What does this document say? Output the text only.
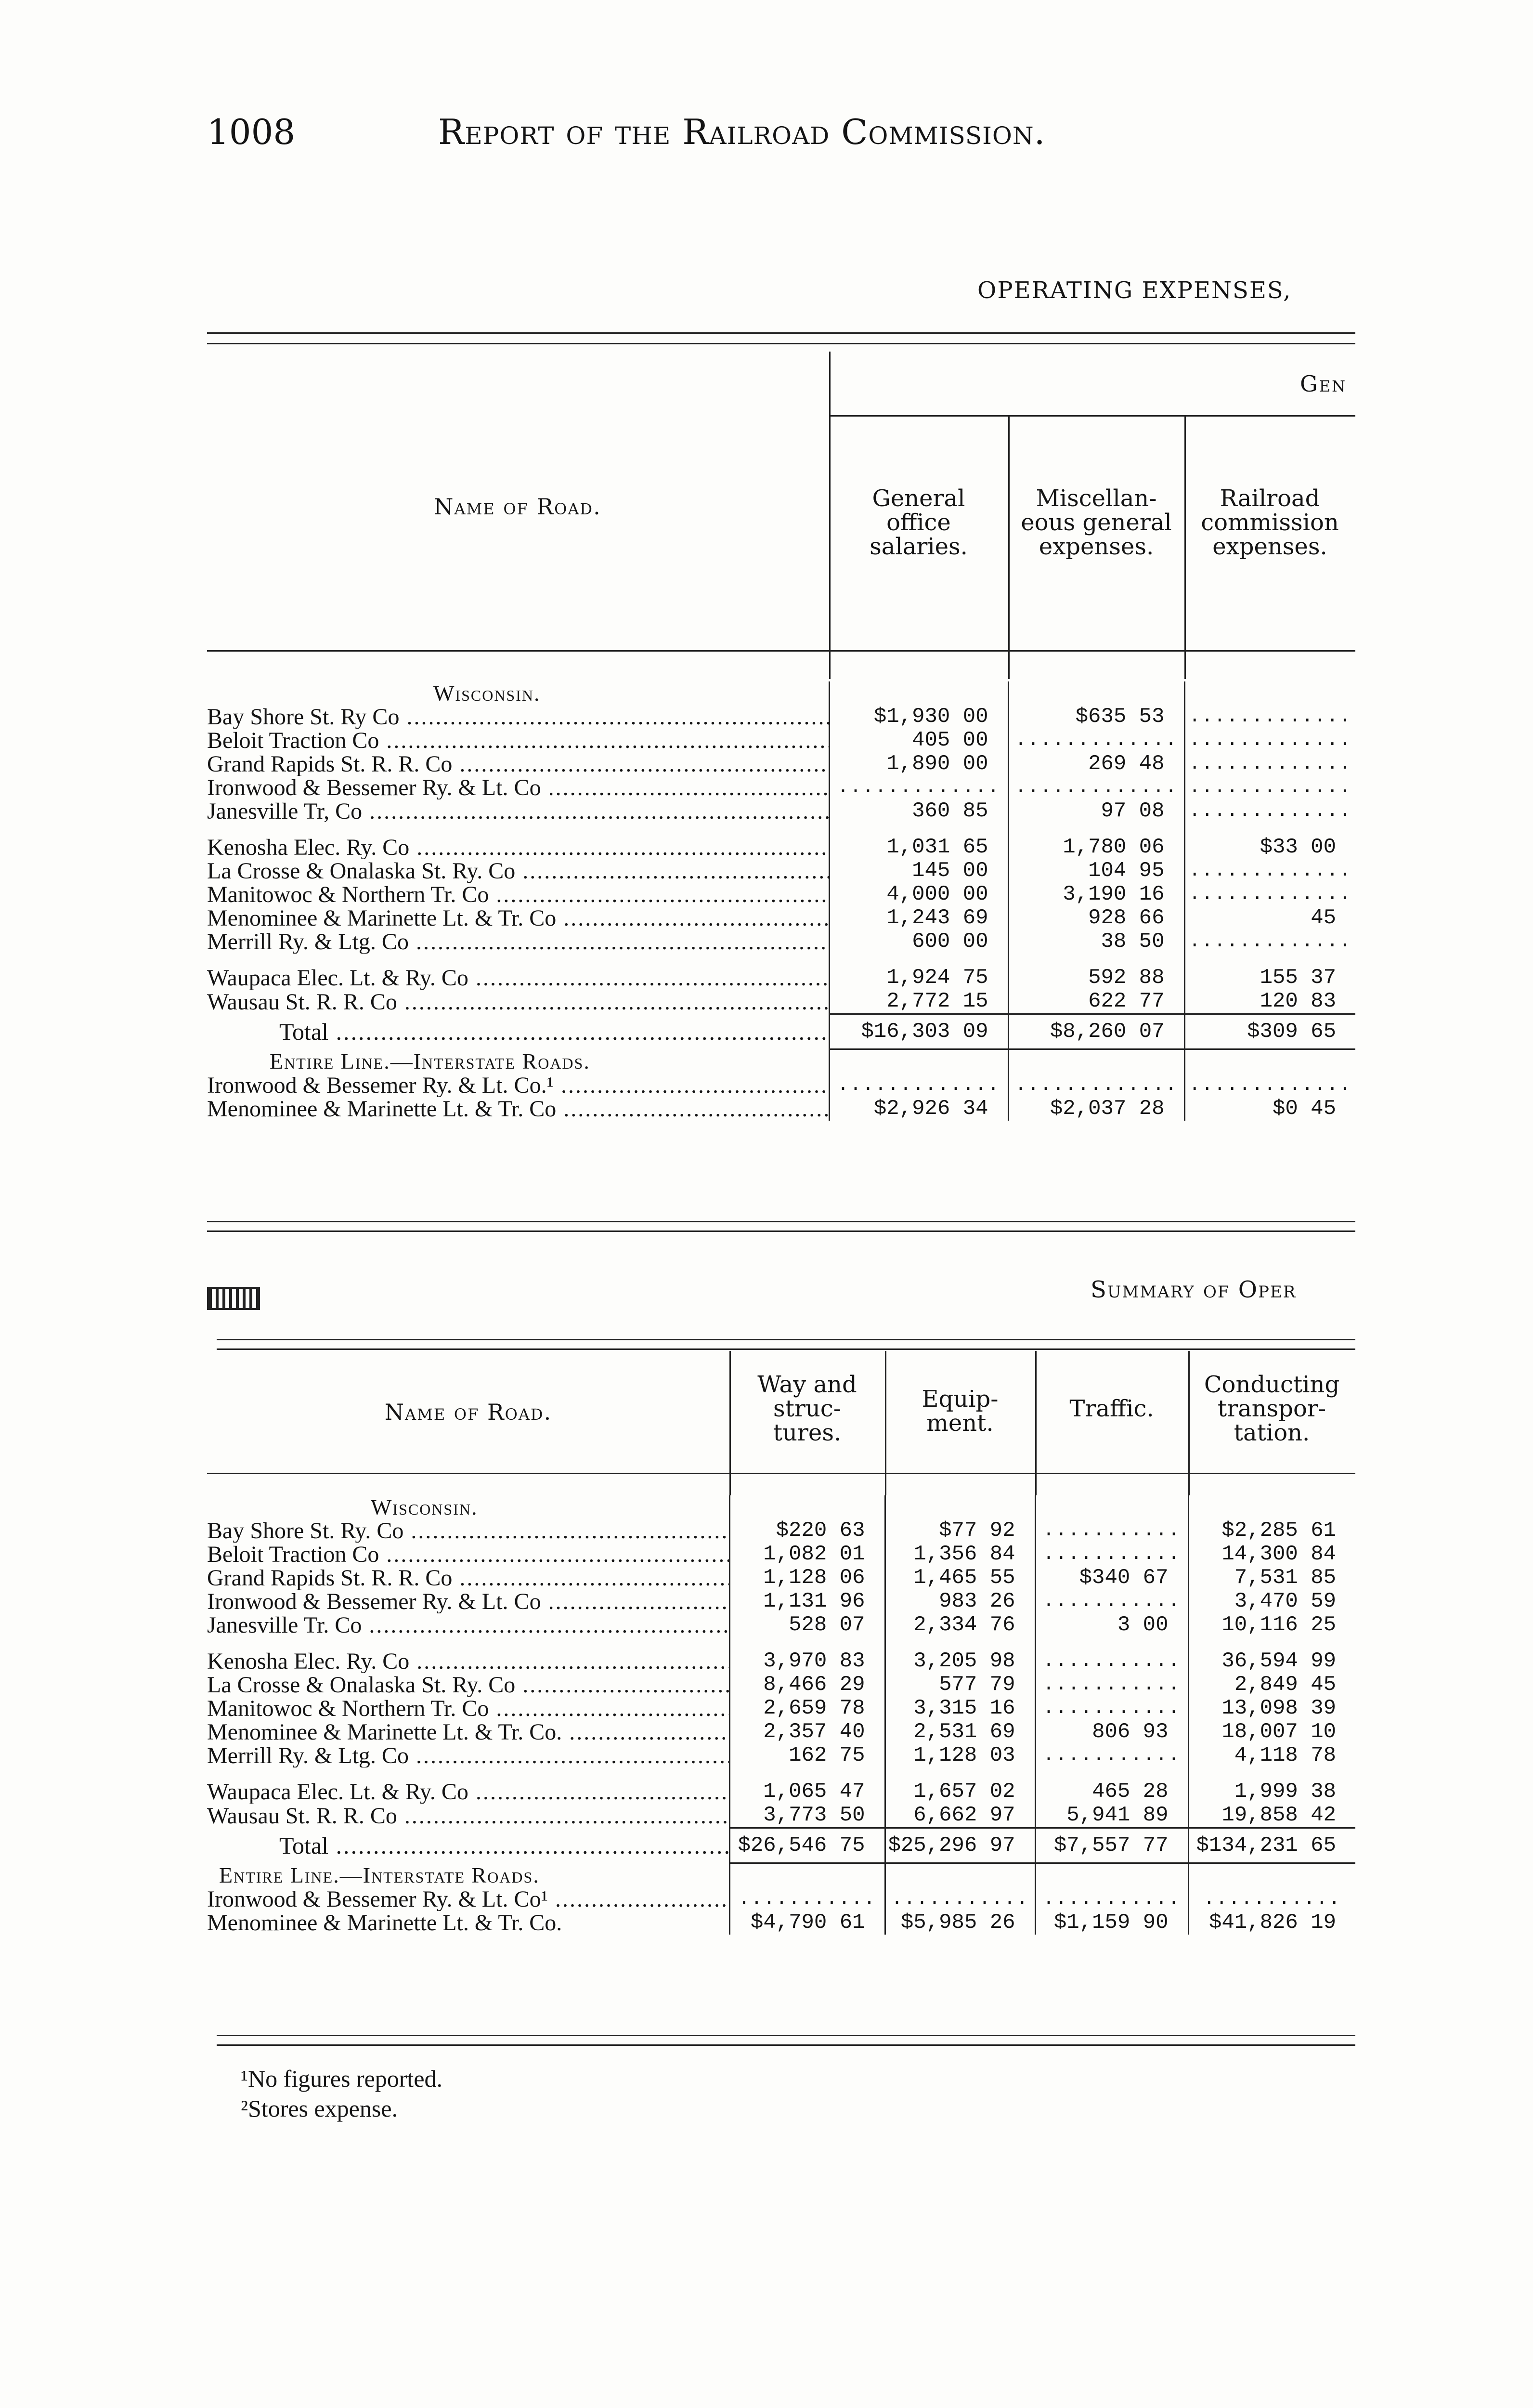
1008	Report of the Railroad Commission.
OPERATING EXPENSES,
Gen
Name of Road.	General
office
salaries.
Miscellan-
eous general
expenses.
Railroad
commission
expenses.
Wisconsin.			
Bay Shore St. Ry Co .....	$1,930 00	$635 53	.............
Beloit Traction Co .....	405 00	.............	.............
Grand Rapids St. R. R. Co .....	1,890 00	269 48	.............
Ironwood & Bessemer Ry. & Lt. Co .....	.............	.............	.............
Janesville Tr, Co .....	360 85	97 08	.............

Kenosha Elec. Ry. Co .....	1,031 65	1,780 06	$33 00
La Crosse & Onalaska St. Ry. Co .....	145 00	104 95	.............
Manitowoc & Northern Tr. Co .....	4,000 00	3,190 16	.............
Menominee & Marinette Lt. & Tr. Co .....	1,243 69	928 66	45
Merrill Ry. & Ltg. Co .....	600 00	38 50	.............

Waupaca Elec. Lt. & Ry. Co .....	1,924 75	592 88	155 37
Wausau St. R. R. Co .....	2,772 15	622 77	120 83
Total .....	$16,303 09	$8,260 07	$309 65
Entire Line.—Interstate Roads.			
Ironwood & Bessemer Ry. & Lt. Co.¹ .....	.............	.............	.............
Menominee & Marinette Lt. & Tr. Co .....	$2,926 34	$2,037 28	$0 45
Summary of Oper
Name of Road.
Way and
struc-
tures.
Equip-
ment.
Traffic.
Conducting
transpor-
tation.
Wisconsin.				
Bay Shore St. Ry. Co .....	$220 63	$77 92	...........	$2,285 61
Beloit Traction Co .....	1,082 01	1,356 84	...........	14,300 84
Grand Rapids St. R. R. Co .....	1,128 06	1,465 55	$340 67	7,531 85
Ironwood & Bessemer Ry. & Lt. Co .....	1,131 96	983 26	...........	3,470 59
Janesville Tr. Co .....	528 07	2,334 76	3 00	10,116 25

Kenosha Elec. Ry. Co .....	3,970 83	3,205 98	...........	36,594 99
La Crosse & Onalaska St. Ry. Co .....	8,466 29	577 79	...........	2,849 45
Manitowoc & Northern Tr. Co .....	2,659 78	3,315 16	...........	13,098 39
Menominee & Marinette Lt. & Tr. Co. .....	2,357 40	2,531 69	806 93	18,007 10
Merrill Ry. & Ltg. Co .....	162 75	1,128 03	...........	4,118 78

Waupaca Elec. Lt. & Ry. Co .....	1,065 47	1,657 02	465 28	1,999 38
Wausau St. R. R. Co .....	3,773 50	6,662 97	5,941 89	19,858 42
Total .....	$26,546 75	$25,296 97	$7,557 77	$134,231 65
Entire Line.—Interstate Roads.				
Ironwood & Bessemer Ry. & Lt. Co¹ .....	...........	...........	...........	...........
Menominee & Marinette Lt. & Tr. Co.	$4,790 61	$5,985 26	$1,159 90	$41,826 19
¹No figures reported.
²Stores expense.
